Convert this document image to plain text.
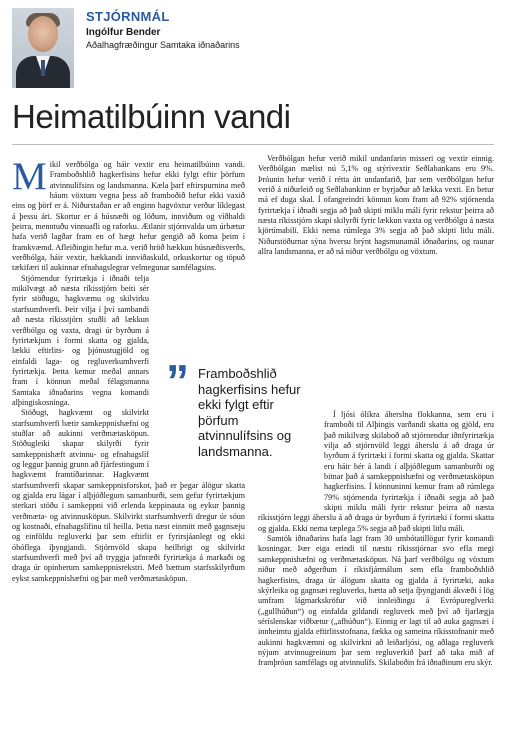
STJÓRNMÁL
Ingólfur Bender
Aðalhagfræðingur Samtaka iðnaðarins
Heimatilbúinn vandi

Mikil verðbólga og háir vextir eru heimatilbúinn vandi. Framboðshlið hagkerfisins hefur ekki fylgt eftir þörfum atvinnulífsins og landsmanna. Kæla þarf eftirspurnina með háum vöxtum vegna þess að framboðið hefur ekki vaxið eins og þörf er á. Niðurstaðan er að enginn hagvöxtur verður líklegast á þessu ári. Skortur er á húsnæði og lóðum, innviðum og víðhaldi þeirra, menntuðu vinnuafli og raforku. Ætlanir stjórnvalda um úrbætur hafa verið lagðar fram en of hægt hefur gengið að koma þeim í framkvæmd. Afleiðingin hefur m.a. verið hröð hækkun húsnæðisverðs, verðbólga, háir vextir, hækkandi innviðaskuld, orkuskortur og töpuð tækifæri til aukinnar efnahagslegrar velmegunar samfélagsins.

Stjórnendur fyrirtækja í iðnaði telja mikilvægt að næsta ríkisstjórn beiti sér fyrir stöðugu, hagkvæmu og skilvirku starfsumhverfi. Þeir vilja í því sambandi að næsta ríkisstjórn stuðli að lækkun verðbólgu og vaxta, dragi úr byrðum á fyrirtækjum í formi skatta og gjalda, lækki eftirlits- og þjónustugjöld og einfaldi laga- og regluverkumhverfi fyrirtækja. Þetta kemur meðal annars fram í könnun meðal félagsmanna Samtaka iðnaðarins vegna komandi alþingiskosninga.

Stöðugt, hagkvæmt og skilvirkt starfsumhverfi bætir samkeppnishæfni og stuðlar að aukinni verðmætasköpun. Stöðugleiki skapar skilyrði fyrir samkeppnishæft atvinnu- og efnahagslíf og leggur þannig grunn að fjárfestingum í hagkvæmt framtíðarinnar. Hagkvæmt starfsumhverfi skapar samkeppnisforskot, það er þegar álögur skatta og gjalda eru lágar í alþjóðlegum samanburði, sem gefur fyrirtækjum sterkari stöðu í samkeppni við erlenda keppinauta og eykur þannig verðmæta- og atvinnusköpun. Skilvirkt starfsumhverfi dregur úr sóun og kostnaði, efnahagslífinu til heilla. Þetta næst einmitt með gagnsæju og einföldu regluverki þar sem eftirlit er fyrirsjáanlegt og ekki óhóflega íþyngjandi. Stjórnvöld skapa heilbrigt og skilvirkt starfsumhverfi með því að tryggja jafnræði fyrirtækja á markaði og draga úr opinberum samkeppnisrekstri. Með bættum starfsskilyrðum eykst samkeppnishæfni og þar með verðmætasköpun.

Verðbólgan hefur verið mikil undanfarin misseri og vextir einnig. Verðbólgan mælist nú 5,1% og stýrivextir Seðlabankans eru 9%. Þróunin hefur verið í rétta átt undanfarið, þar sem verðbólgan hefur verið á niðurleið og Seðlabankinn er byrjaður að lækka vexti. En betur má ef duga skal. Í ofangreindri könnun kom fram að 92% stjórnenda fyrirtækja í iðnaði segja að það skipti miklu máli fyrir rekstur þeirra að næsta ríkisstjórn skapi skilyrði fyrir lækkun vaxta og verðbólgu á næsta kjörtímabili. Ekki nema rúmlega 3% segja að það skipti litlu máli. Niðurstöðurnar sýna hversu brýnt hagsmunamál iðnaðarins, og raunar allra landsmanna, er að ná niður verðbólgu og vöxtum.

Í ljósi ólíkra áherslna flokkanna, sem eru í framboði til Alþingis varðandi skatta og gjöld, eru það mikilvæg skilaboð að stjórnendur iðnfyrirtækja vilja að stjórnvöld leggi áherslu á að draga úr byrðum á fyrirtæki í formi skatta og gjalda. Skattar eru háir hér á landi í alþjóðlegum samanburði og bitnar það á samkeppnishæfni og verðmætasköpun hagkerfisins. Í könnuninni kemur fram að rúmlega 79% stjórnenda fyrirtækja í iðnaði segja að það skipti miklu máli fyrir rekstur þeirra að næsta ríkisstjórn leggi áherslu á að draga úr byrðum á fyrirtæki í formi skatta og gjalda. Ekki nema tæplega 5% segja að það skipti litlu máli.

Samtök iðnaðarins hafa lagt fram 30 umbótatillögur fyrir komandi kosningar. Þær eiga erindi til næstu ríkisstjórnar svo efla megi samkeppnishæfni og verðmætasköpun. Ná þarf verðbólgu og vöxtum niður með aðgerðum í ríkisfjármálum sem efla framboðshlið hagkerfisins, draga úr álögum skatta og gjalda á fyrirtæki, auka skýrleika og gagnsæi regluverks, hætta að setja íþyngjandi ákvæði í lög umfram lágmarkskröfur við innleiðingu á Evrópureglverki („gullhúðun“) og einfalda gildandi regluverk með því að fjarlægja séríslenskar viðbætur („afhúðun“). Einnig er lagt til að auka gagnsæi í innheimtu gjalda eftirlitsstofnana, fækka og sameina ríkisstofnanir með aukinni hagkvæmni og skilvirkni að leiðarljósi, og aðlaga regluverk nýjum atvinnugreinum þar sem regluverkið þarf að taka mið af framþróun samfélags og atvinnulífs. Skilaboðin frá iðnaðinum eru skýr.

” Framboðshlið hagkerfisins hefur ekki fylgt eftir þörfum atvinnulífsins og landsmanna.
